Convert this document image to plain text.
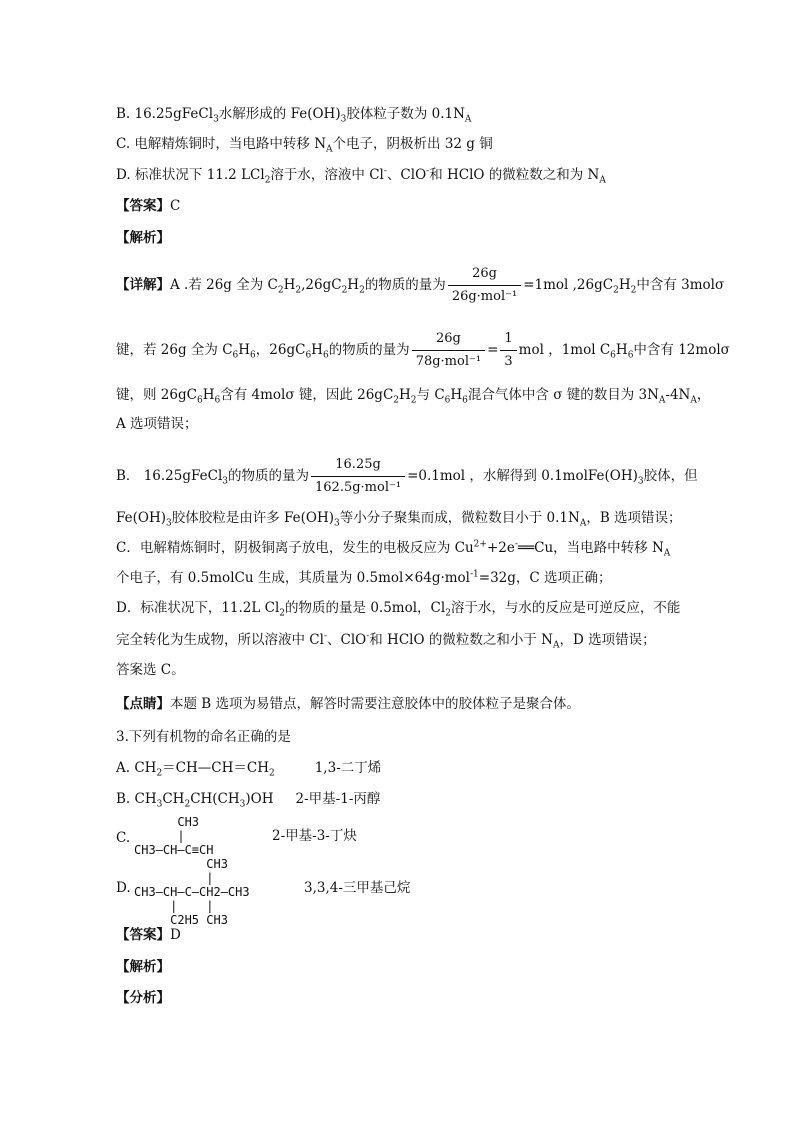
B. 16.25gFeCl$_3$水解形成的 $Fe(OH)_3$胶体粒子数为 $0.1N_A$
C. 电解精炼铜时，当电路中转移 $N_A$个电子，阴极析出 32 g 铜
D. 标准状况下 11.2 LCl$_2$溶于水，溶液中 Cl-、ClO-和 HClO 的微粒数之和为 $N_A$
【答案】C
【解析】
【详解】A .若 26g 全为 $C_2H_2,26gC_2H_2$的物质的量为 $\frac{26g}{\text{26g·mol⁻¹}} =1mol$ $,26gC_2H_2$中含有 3molσ
键，若 26g 全为 $C_6H_6$，$26gC_6H_6$的物质的量为 $\frac{26g}{\text{78g·mol⁻¹}} = \frac{1}{3}$ mol ，1mol $C_6H_6$中含有 12molσ
键，则 $26gC_6H_6$含有 4molσ 键，因此 $26gC_2H_2$与 $C_6H_6$混合气体中含 σ 键的数目为 $3N_A-4N_A$，
A 选项错误；
B． 16.25gFeCl$_3$的物质的量为 $\frac{16.25g}{\text{162.5g·mol⁻¹}} =0.1mol$ ，水解得到 $0.1molFe(OH)_3$胶体，但
$Fe(OH)_3$胶体胶粒是由许多 $Fe(OH)_3$等小分子聚集而成，微粒数目小于 $0.1N_A$，B 选项错误；
C．电解精炼铜时，阴极铜离子放电，发生的电极反应为 $Cu^{2+}+2e^-══Cu$，当电路中转移 $N_A$
个电子，有 0.5molCu 生成，其质量为 0.5mol×64g·mol$^{-1}$=32g，C 选项正确；
D．标准状况下，11.2L $Cl_2$的物质的量是 0.5mol，$Cl_2$溶于水，与水的反应是可逆反应，不能
完全转化为生成物，所以溶液中 Cl-、ClO-和 HClO 的微粒数之和小于 $N_A$，D 选项错误；
答案选 C。
【点睛】本题 B 选项为易错点，解答时需要注意胶体中的胶体粒子是聚合体。
3.下列有机物的命名正确的是
A. $CH_2=CH—CH=CH_2$	1,3-二丁烯
B. $CH_3CH_2CH(CH_3)OH$ 2-甲基-1-丙醇
C.
CH3
|
CH3—CH—C≡CH
2-甲基-3-丁炔
D.
CH3
|
CH3—CH—C—CH2—CH3
|    |
C2H5 CH3
3,3,4-三甲基己烷
【答案】D
【解析】
【分析】
